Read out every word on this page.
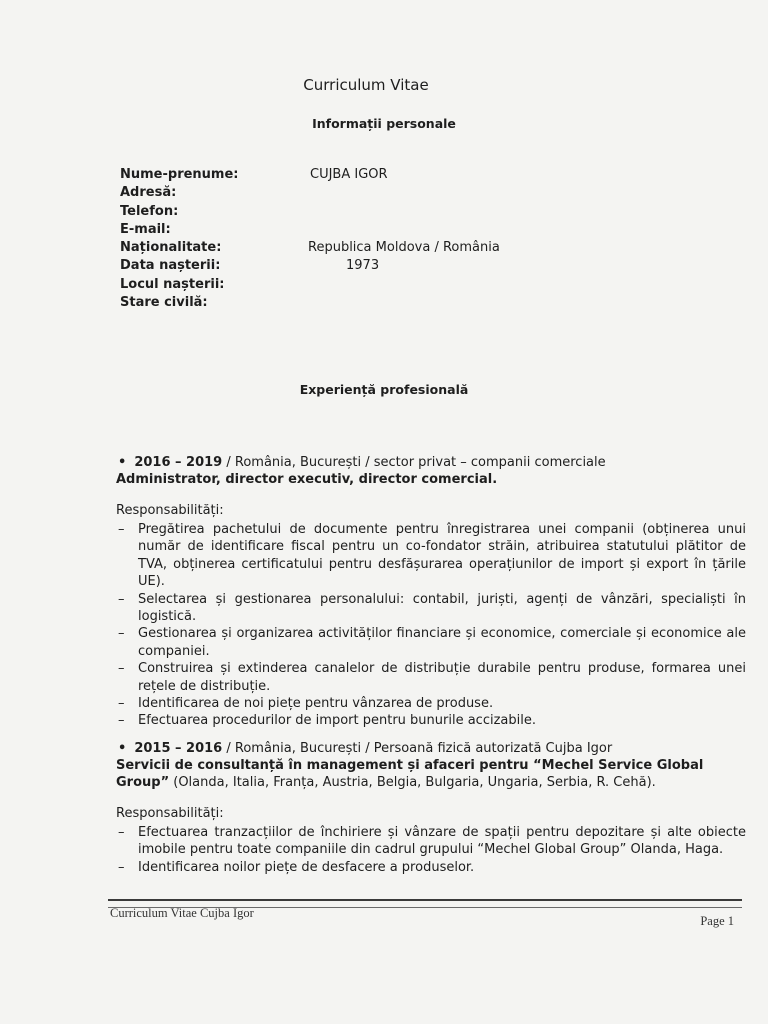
Curriculum Vitae
Informații personale
Nume-prenume:	CUJBA IGOR
Adresă:
Telefon:
E-mail:
Naționalitate:	Republica Moldova / România
Data nașterii:	1973
Locul nașterii:
Stare civilă:
Experiență profesională
• 2016 – 2019 / România, București / sector privat – companii comerciale
Administrator, director executiv, director comercial.
Responsabilități:
– Pregătirea pachetului de documente pentru înregistrarea unei companii (obținerea unui număr de identificare fiscal pentru un co-fondator străin, atribuirea statutului plătitor de TVA, obținerea certificatului pentru desfășurarea operațiunilor de import și export în țările UE).
– Selectarea și gestionarea personalului: contabil, juriști, agenți de vânzări, specialiști în logistică.
– Gestionarea și organizarea activităților financiare și economice, comerciale și economice ale companiei.
– Construirea și extinderea canalelor de distribuție durabile pentru produse, formarea unei rețele de distribuție.
– Identificarea de noi piețe pentru vânzarea de produse.
– Efectuarea procedurilor de import pentru bunurile accizabile.
• 2015 – 2016 / România, București / Persoană fizică autorizată Cujba Igor
Servicii de consultanță în management și afaceri pentru “Mechel Service Global Group” (Olanda, Italia, Franța, Austria, Belgia, Bulgaria, Ungaria, Serbia, R. Cehă).
Responsabilități:
– Efectuarea tranzacțiilor de închiriere și vânzare de spații pentru depozitare și alte obiecte imobile pentru toate companiile din cadrul grupului “Mechel Global Group” Olanda, Haga.
– Identificarea noilor piețe de desfacere a produselor.
Curriculum Vitae Cujba Igor
Page 1
